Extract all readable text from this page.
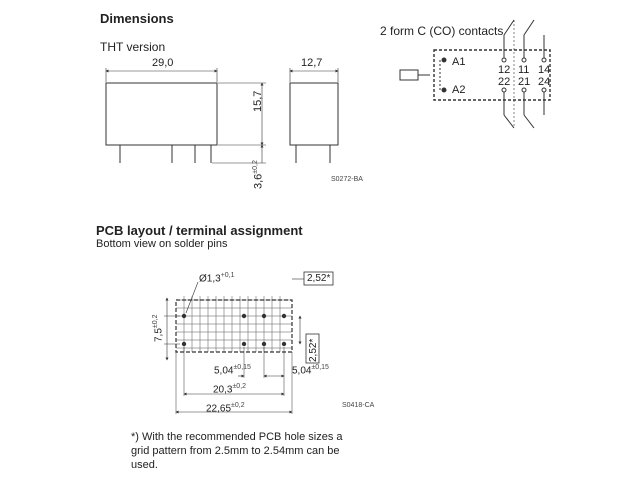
Dimensions
THT version
2 form C (CO) contacts
29,0	12,7
15,7
$3,6^{\pm 0,2}$
S0272-BA
A1
A2
12 11 14
22 21 24
PCB layout / terminal assignment
Bottom view on solder pins
$Ø1,3^{+0,1}$	2,52*
2,52*
$7,5^{\pm 0,2}$
$5,04^{\pm 0,15}$	$5,04^{\pm 0,15}$
$20,3^{\pm 0,2}$
$22,65^{\pm 0,2}$	S0418-CA
*) With the recommended PCB hole sizes a grid pattern from 2.5mm to 2.54mm can be used.
